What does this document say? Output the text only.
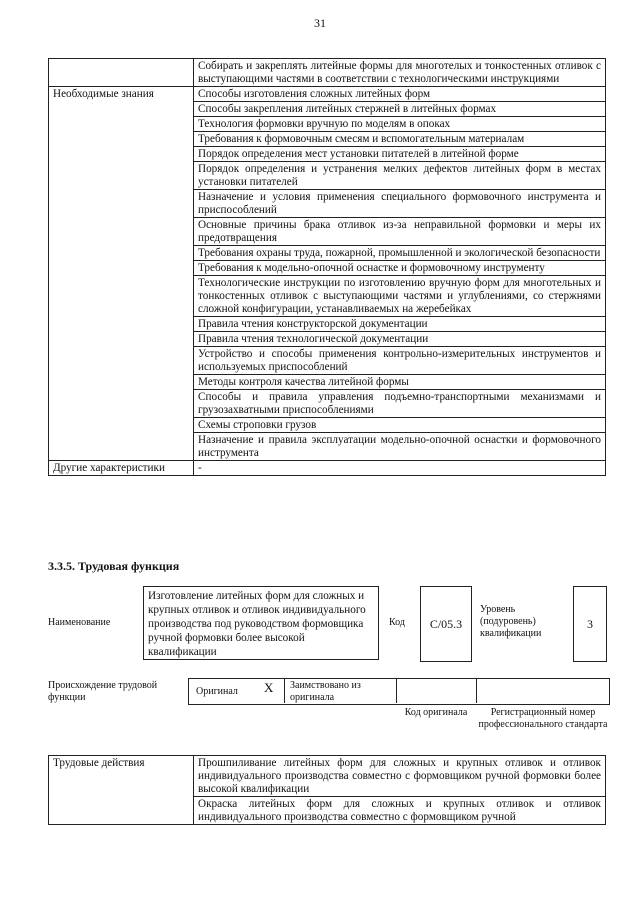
31
	Собирать и закреплять литейные формы для многотелых и тонкостенных отливок с выступающими частями в соответствии с технологическими инструкциями
Необходимые знания	Способы изготовления сложных литейных форм
	Способы закрепления литейных стержней в литейных формах
	Технология формовки вручную по моделям в опоках
	Требования к формовочным смесям и вспомогательным материалам
	Порядок определения мест установки питателей в литейной форме
	Порядок определения и устранения мелких дефектов литейных форм в местах установки питателей
	Назначение и условия применения специального формовочного инструмента и приспособлений
	Основные причины брака отливок из-за неправильной формовки и меры их предотвращения
	Требования охраны труда, пожарной, промышленной и экологической безопасности
	Требования к модельно-опочной оснастке и формовочному инструменту
	Технологические инструкции по изготовлению вручную форм для многотельных и тонкостенных отливок с выступающими частями и углублениями, со стержнями сложной конфигурации, устанавливаемых на жеребейках
	Правила чтения конструкторской документации
	Правила чтения технологической документации
	Устройство и способы применения контрольно-измерительных инструментов и используемых приспособлений
	Методы контроля качества литейной формы
	Способы и правила управления подъемно-транспортными механизмами и грузозахватными приспособлениями
	Схемы строповки грузов
	Назначение и правила эксплуатации модельно-опочной оснастки и формовочного инструмента
Другие характеристики	-
3.3.5. Трудовая функция
Наименование
Изготовление литейных форм для сложных и крупных отливок и отливок индивидуального производства под руководством формовщика ручной формовки более высокой квалификации
Код	С/05.3
Уровень (подуровень) квалификации
3
Происхождение трудовой функции
Оригинал X Заимствовано из оригинала
Код оригинала	Регистрационный номер профессионального стандарта
Трудовые действия	Прошпиливание литейных форм для сложных и крупных отливок и отливок индивидуального производства совместно с формовщиком ручной формовки более высокой квалификации
Окраска литейных форм для сложных и крупных отливок и отливок индивидуального производства совместно с формовщиком ручной
